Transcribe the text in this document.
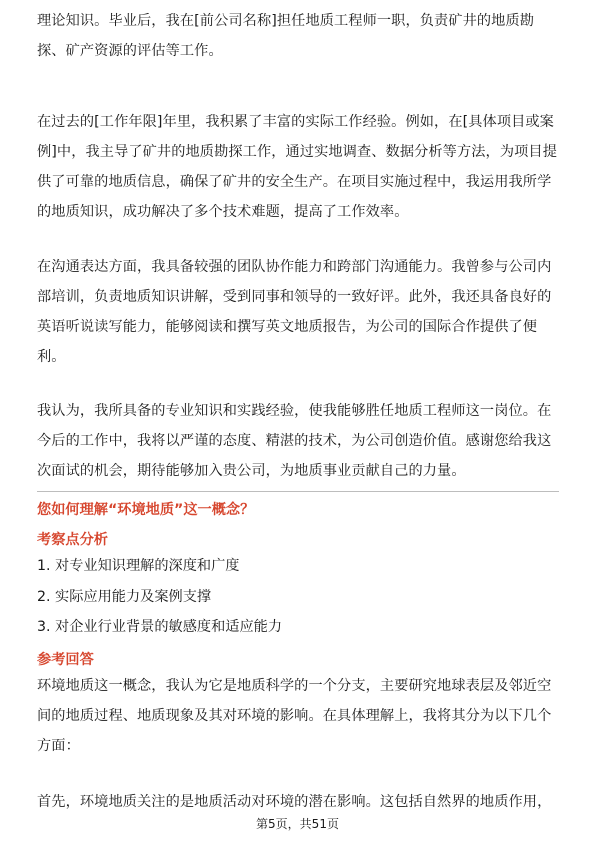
理论知识。毕业后，我在[前公司名称]担任地质工程师一职，负责矿井的地质勘探、矿产资源的评估等工作。

在过去的[工作年限]年里，我积累了丰富的实际工作经验。例如，在[具体项目或案例]中，我主导了矿井的地质勘探工作，通过实地调查、数据分析等方法，为项目提供了可靠的地质信息，确保了矿井的安全生产。在项目实施过程中，我运用我所学的地质知识，成功解决了多个技术难题，提高了工作效率。

在沟通表达方面，我具备较强的团队协作能力和跨部门沟通能力。我曾参与公司内部培训，负责地质知识讲解，受到同事和领导的一致好评。此外，我还具备良好的英语听说读写能力，能够阅读和撰写英文地质报告，为公司的国际合作提供了便利。

我认为，我所具备的专业知识和实践经验，使我能够胜任地质工程师这一岗位。在今后的工作中，我将以严谨的态度、精湛的技术，为公司创造价值。感谢您给我这次面试的机会，期待能够加入贵公司，为地质事业贡献自己的力量。

您如何理解“环境地质”这一概念？
考察点分析
1. 对专业知识理解的深度和广度
2. 实际应用能力及案例支撑
3. 对企业行业背景的敏感度和适应能力
参考回答

环境地质这一概念，我认为它是地质科学的一个分支，主要研究地球表层及邻近空间的地质过程、地质现象及其对环境的影响。在具体理解上，我将其分为以下几个方面：

首先，环境地质关注的是地质活动对环境的潜在影响。这包括自然界的地质作用，

第5页，共51页
